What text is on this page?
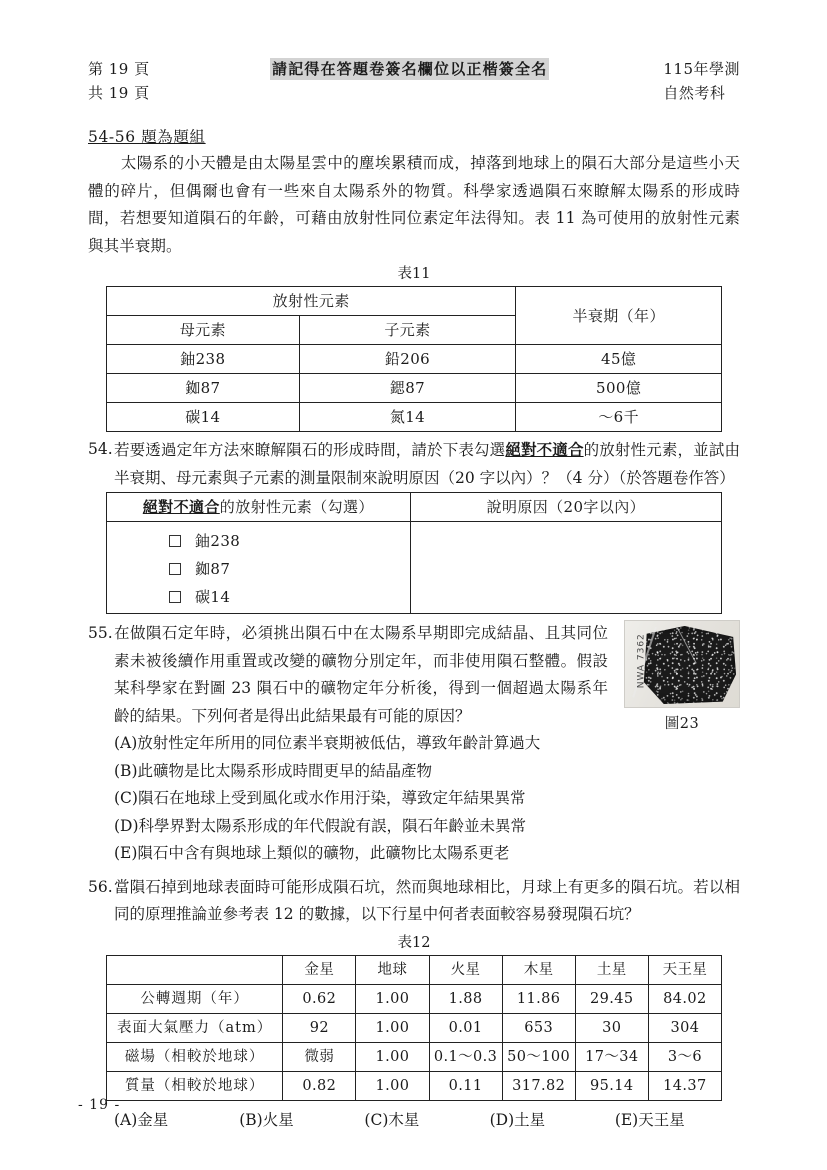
第 19 頁
共 19 頁
請記得在答題卷簽名欄位以正楷簽全名	115年學測
自然考科
54-56 題為題組

太陽系的小天體是由太陽星雲中的塵埃累積而成，掉落到地球上的隕石大部分是這些小天體的碎片，但偶爾也會有一些來自太陽系外的物質。科學家透過隕石來瞭解太陽系的形成時間，若想要知道隕石的年齡，可藉由放射性同位素定年法得知。表 11 為可使用的放射性元素與其半衰期。

表11
放射性元素		半衰期（年）
母元素	子元素	
鈾238	鉛206	45億
銣87	鍶87	500億
碳14	氮14	～6千
54. 若要透過定年方法來瞭解隕石的形成時間，請於下表勾選絕對不適合的放射性元素，並試由半衰期、母元素與子元素的測量限制來說明原因（20 字以內）？（4 分）（於答題卷作答）
絕對不適合的放射性元素（勾選）	說明原因（20字以內）

鈾238
銣87
碳14	

55. 在做隕石定年時，必須挑出隕石中在太陽系早期即完成結晶、且其同位素未被後續作用重置或改變的礦物分別定年，而非使用隕石整體。假設某科學家在對圖 23 隕石中的礦物定年分析後，得到一個超過太陽系年齡的結果。下列何者是得出此結果最有可能的原因？
NWA 7362
圖23
(A)放射性定年所用的同位素半衰期被低估，導致年齡計算過大
(B)此礦物是比太陽系形成時間更早的結晶產物
(C)隕石在地球上受到風化或水作用汙染，導致定年結果異常
(D)科學界對太陽系形成的年代假說有誤，隕石年齡並未異常
(E)隕石中含有與地球上類似的礦物，此礦物比太陽系更老
56. 當隕石掉到地球表面時可能形成隕石坑，然而與地球相比，月球上有更多的隕石坑。若以相同的原理推論並參考表 12 的數據，以下行星中何者表面較容易發現隕石坑？
表12
	金星	地球	火星	木星	土星	天王星
公轉週期（年）	0.62	1.00	1.88	11.86	29.45	84.02
表面大氣壓力（atm）	92	1.00	0.01	653	30	304
磁場（相較於地球）	微弱	1.00	0.1～0.3	50～100	17～34	3～6
質量（相較於地球）	0.82	1.00	0.11	317.82	95.14	14.37
(A)金星	(B)火星	(C)木星	(D)土星	(E)天王星
- 19 -
